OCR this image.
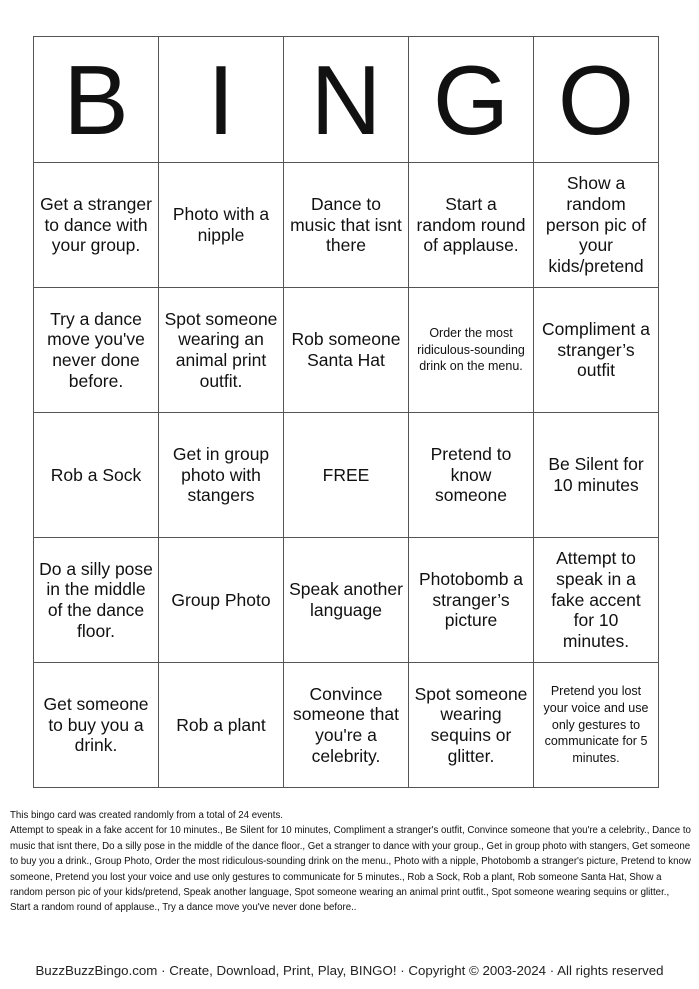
B	I	N	G	O
Get a stranger to dance with your group.	Photo with a nipple	Dance to music that isnt there	Start a random round of applause.	Show a random person pic of your kids/pretend
Try a dance move you've never done before.	Spot someone wearing an animal print outfit.	Rob someone Santa Hat	Order the most ridiculous-sounding drink on the menu.	Compliment a stranger’s outfit
Rob a Sock	Get in group photo with stangers	FREE	Pretend to know someone	Be Silent for 10 minutes
Do a silly pose in the middle of the dance floor.	Group Photo	Speak another language	Photobomb a stranger’s picture	Attempt to speak in a fake accent for 10 minutes.
Get someone to buy you a drink.	Rob a plant	Convince someone that you're a celebrity.	Spot someone wearing sequins or glitter.	Pretend you lost your voice and use only gestures to communicate for 5 minutes.

This bingo card was created randomly from a total of 24 events.

Attempt to speak in a fake accent for 10 minutes., Be Silent for 10 minutes, Compliment a stranger's outfit, Convince someone that you're a celebrity., Dance to music that isnt there, Do a silly pose in the middle of the dance floor., Get a stranger to dance with your group., Get in group photo with stangers, Get someone to buy you a drink., Group Photo, Order the most ridiculous-sounding drink on the menu., Photo with a nipple, Photobomb a stranger's picture, Pretend to know someone, Pretend you lost your voice and use only gestures to communicate for 5 minutes., Rob a Sock, Rob a plant, Rob someone Santa Hat, Show a random person pic of your kids/pretend, Speak another language, Spot someone wearing an animal print outfit., Spot someone wearing sequins or glitter., Start a random round of applause., Try a dance move you've never done before..

BuzzBuzzBingo.com · Create, Download, Print, Play, BINGO! · Copyright © 2003-2024 · All rights reserved
